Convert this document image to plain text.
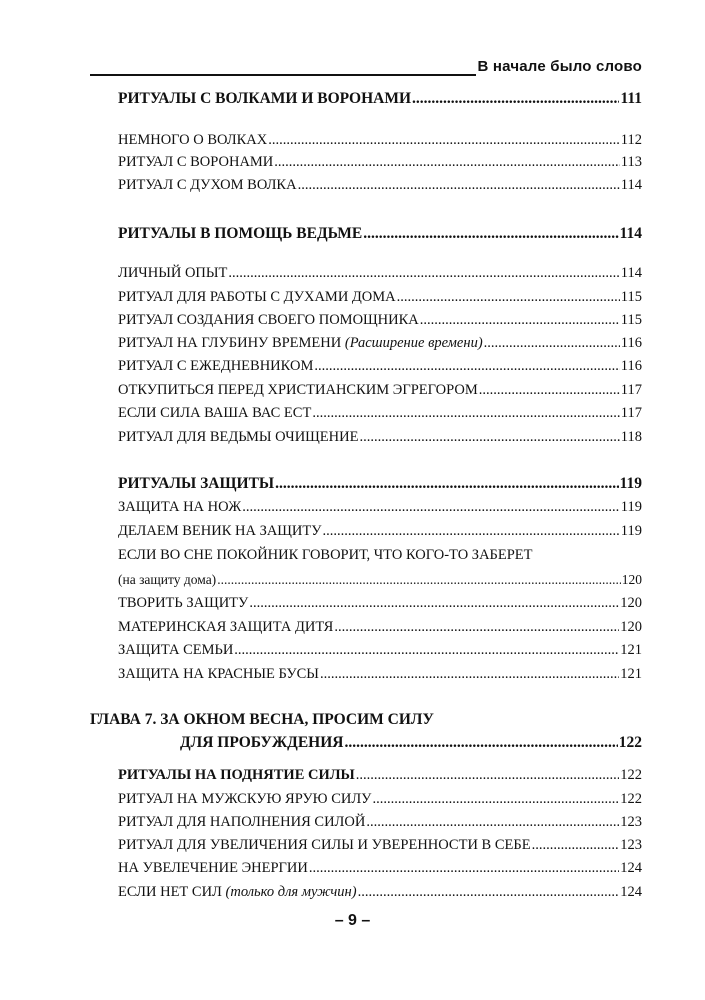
В начале было слово
РИТУАЛЫ С ВОЛКАМИ И ВОРОНАМИ .....	111
НЕМНОГО О ВОЛКАХ .....	112
РИТУАЛ С ВОРОНАМИ .....	113
РИТУАЛ С ДУХОМ ВОЛКА .....	114
РИТУАЛЫ В ПОМОЩЬ ВЕДЬМЕ .....	114
ЛИЧНЫЙ ОПЫТ .....	114
РИТУАЛ ДЛЯ РАБОТЫ С ДУХАМИ ДОМА .....	115
РИТУАЛ СОЗДАНИЯ СВОЕГО ПОМОЩНИКА .....	115
РИТУАЛ НА ГЛУБИНУ ВРЕМЕНИ (Расширение времени) .....	116
РИТУАЛ С ЕЖЕДНЕВНИКОМ .....	116
ОТКУПИТЬСЯ ПЕРЕД ХРИСТИАНСКИМ ЭГРЕГОРОМ .....	117
ЕСЛИ СИЛА ВАША ВАС ЕСТ .....	117
РИТУАЛ ДЛЯ ВЕДЬМЫ ОЧИЩЕНИЕ .....	118
РИТУАЛЫ ЗАЩИТЫ .....	119
ЗАЩИТА НА НОЖ .....	119
ДЕЛАЕМ ВЕНИК НА ЗАЩИТУ .....	119
ЕСЛИ ВО СНЕ ПОКОЙНИК ГОВОРИТ, ЧТО КОГО-ТО ЗАБЕРЕТ
(на защиту дома) .....	120
ТВОРИТЬ ЗАЩИТУ .....	120
МАТЕРИНСКАЯ ЗАЩИТА ДИТЯ .....	120
ЗАЩИТА СЕМЬИ .....	121
ЗАЩИТА НА КРАСНЫЕ БУСЫ .....	121
ГЛАВА 7. ЗА ОКНОМ ВЕСНА, ПРОСИМ СИЛУ
ДЛЯ ПРОБУЖДЕНИЯ .....	122
РИТУАЛЫ НА ПОДНЯТИЕ СИЛЫ .....	122
РИТУАЛ НА МУЖСКУЮ ЯРУЮ СИЛУ .....	122
РИТУАЛ ДЛЯ НАПОЛНЕНИЯ СИЛОЙ .....	123
РИТУАЛ ДЛЯ УВЕЛИЧЕНИЯ СИЛЫ И УВЕРЕННОСТИ В СЕБЕ .....	123
НА УВЕЛЕЧЕНИЕ ЭНЕРГИИ .....	124
ЕСЛИ НЕТ СИЛ (только для мужчин) .....	124
– 9 –
